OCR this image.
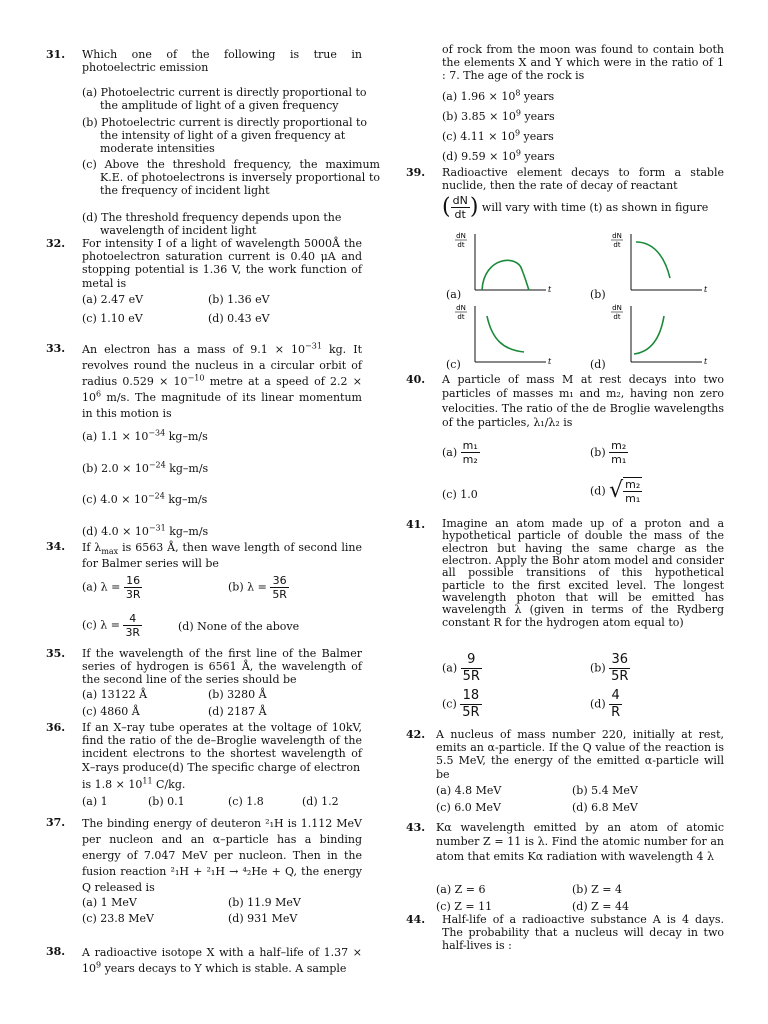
31. Which one of the following is true in photoelectric emission
(a) Photoelectric current is directly proportional to the amplitude of light of a given frequency
(b) Photoelectric current is directly proportional to the intensity of light of a given frequency at moderate intensities
(c) Above the threshold frequency, the maximum K.E. of photoelectrons is inversely proportional to the frequency of incident light
(d) The threshold frequency depends upon the wavelength of incident light
32. For intensity I of a light of wavelength 5000Å the photoelectron saturation current is 0.40 μA and stopping potential is 1.36 V, the work function of metal is
(a) 2.47 eV	(b) 1.36 eV
(c) 1.10 eV	(d) 0.43 eV
33. An electron has a mass of $9.1 \times 10^{-31}$ kg. It revolves round the nucleus in a circular orbit of radius $0.529 \times 10^{-10}$ metre at a speed of $2.2 \times 10^6$ m/s. The magnitude of its linear momentum in this motion is
(a) $1.1 \times 10^{-34}$ kg–m/s
(b) $2.0 \times 10^{-24}$ kg–m/s
(c) $4.0 \times 10^{-24}$ kg–m/s
(d) $4.0 \times 10^{-31}$ kg–m/s
34. If $\lambda_{max}$ is 6563 Å, then wave length of second line for Balmer series will be
(a) $\lambda = \frac{16}{3R}$	(b) $\lambda = \frac{36}{5R}$
(c) $\lambda = \frac{4}{3R}$	(d) None of the above
35. If the wavelength of the first line of the Balmer series of hydrogen is 6561 Å, the wavelength of the second line of the series should be
(a) 13122 Å	(b) 3280 Å
(c) 4860 Å	(d) 2187 Å
36. If an X–ray tube operates at the voltage of 10kV, find the ratio of the de–Broglie wavelength of the incident electrons to the shortest wavelength of X–rays produce(d) The specific charge of electron
is $1.8 \times 10^{11}$ C/kg.
(a) 1	(b) 0.1	(c) 1.8	(d) 1.2
37. The binding energy of deuteron ²₁H is 1.112 MeV per nucleon and an α–particle has a binding energy of 7.047 MeV per nucleon. Then in the fusion reaction ²₁H + ²₁H → ⁴₂He + Q, the energy Q released is
(a) 1 MeV	(b) 11.9 MeV
(c) 23.8 MeV	(d) 931 MeV
38. A radioactive isotope X with a half–life of $1.37 \times 10^9$ years decays to Y which is stable. A sample
of rock from the moon was found to contain both the elements X and Y which were in the ratio of 1 : 7. The age of the rock is
(a) $1.96 \times 10^8$ years
(b) $3.85 \times 10^9$ years
(c) $4.11 \times 10^9$ years
(d) $9.59 \times 10^9$ years
39. Radioactive element decays to form a stable nuclide, then the rate of decay of reactant
( $\frac{dN}{dt}$ ) will vary with time (t) as shown in figure
dN
dt
t
(a)
dN
dt
t
(b)
dN
dt
t
(c)
dN
dt
t
(d)
40. A particle of mass M at rest decays into two particles of masses m₁ and m₂, having non zero velocities. The ratio of the de Broglie wavelengths of the particles, λ₁/λ₂ is
$(a) \frac{\text{m₁}}{\text{m₂}}$	$(b) \frac{\text{m₂}}{\text{m₁}}$
(c) 1.0	(d) √ $\frac{\text{m₂}}{\text{m₁}}$
41. Imagine an atom made up of a proton and a hypothetical particle of double the mass of the electron but having the same charge as the electron. Apply the Bohr atom model and consider all possible transitions of this hypothetical particle to the first excited level. The longest wavelength photon that will be emitted has wavelength λ (given in terms of the Rydberg constant R for the hydrogen atom equal to)
$(a) \frac{9}{5R}$	$(b) \frac{36}{5R}$
$(c) \frac{18}{5R}$	$(d) \frac{4}{R}$
42. A nucleus of mass number 220, initially at rest, emits an α-particle. If the Q value of the reaction is 5.5 MeV, the energy of the emitted α-particle will be
(a) 4.8 MeV	(b) 5.4 MeV
(c) 6.0 MeV	(d) 6.8 MeV
43. Kα wavelength emitted by an atom of atomic number Z = 11 is λ. Find the atomic number for an atom that emits Kα radiation with wavelength 4 λ
(a) Z = 6	(b) Z = 4
(c) Z = 11	(d) Z = 44
44. Half-life of a radioactive substance A is 4 days. The probability that a nucleus will decay in two half-lives is :
